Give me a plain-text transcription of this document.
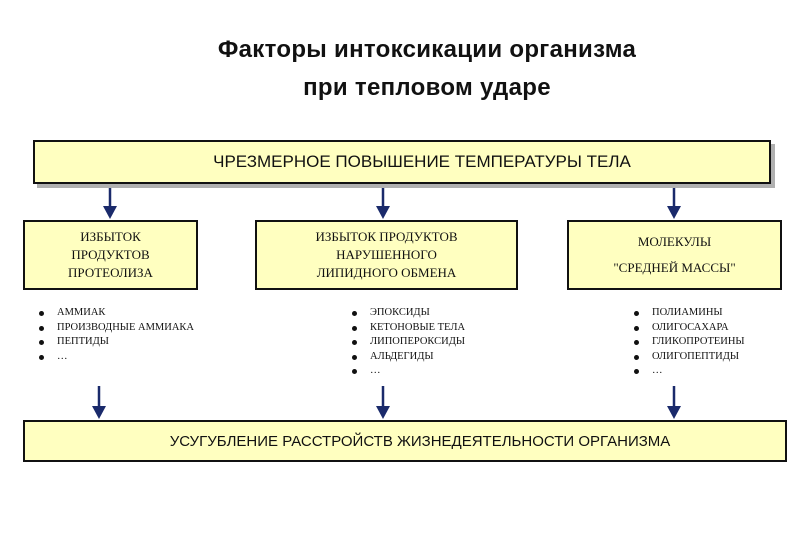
Факторы интоксикации организма
при тепловом ударе
ЧРЕЗМЕРНОЕ ПОВЫШЕНИЕ ТЕМПЕРАТУРЫ ТЕЛА
ИЗБЫТОК
ПРОДУКТОВ
ПРОТЕОЛИЗА
ИЗБЫТОК ПРОДУКТОВ
НАРУШЕННОГО
ЛИПИДНОГО ОБМЕНА
МОЛЕКУЛЫ
"СРЕДНЕЙ МАССЫ"
АММИАК
ПРОИЗВОДНЫЕ АММИАКА
ПЕПТИДЫ
…
ЭПОКСИДЫ
КЕТОНОВЫЕ ТЕЛА
ЛИПОПЕРОКСИДЫ
АЛЬДЕГИДЫ
…
ПОЛИАМИНЫ
ОЛИГОСАХАРА
ГЛИКОПРОТЕИНЫ
ОЛИГОПЕПТИДЫ
…
УСУГУБЛЕНИЕ РАССТРОЙСТВ ЖИЗНЕДЕЯТЕЛЬНОСТИ ОРГАНИЗМА
